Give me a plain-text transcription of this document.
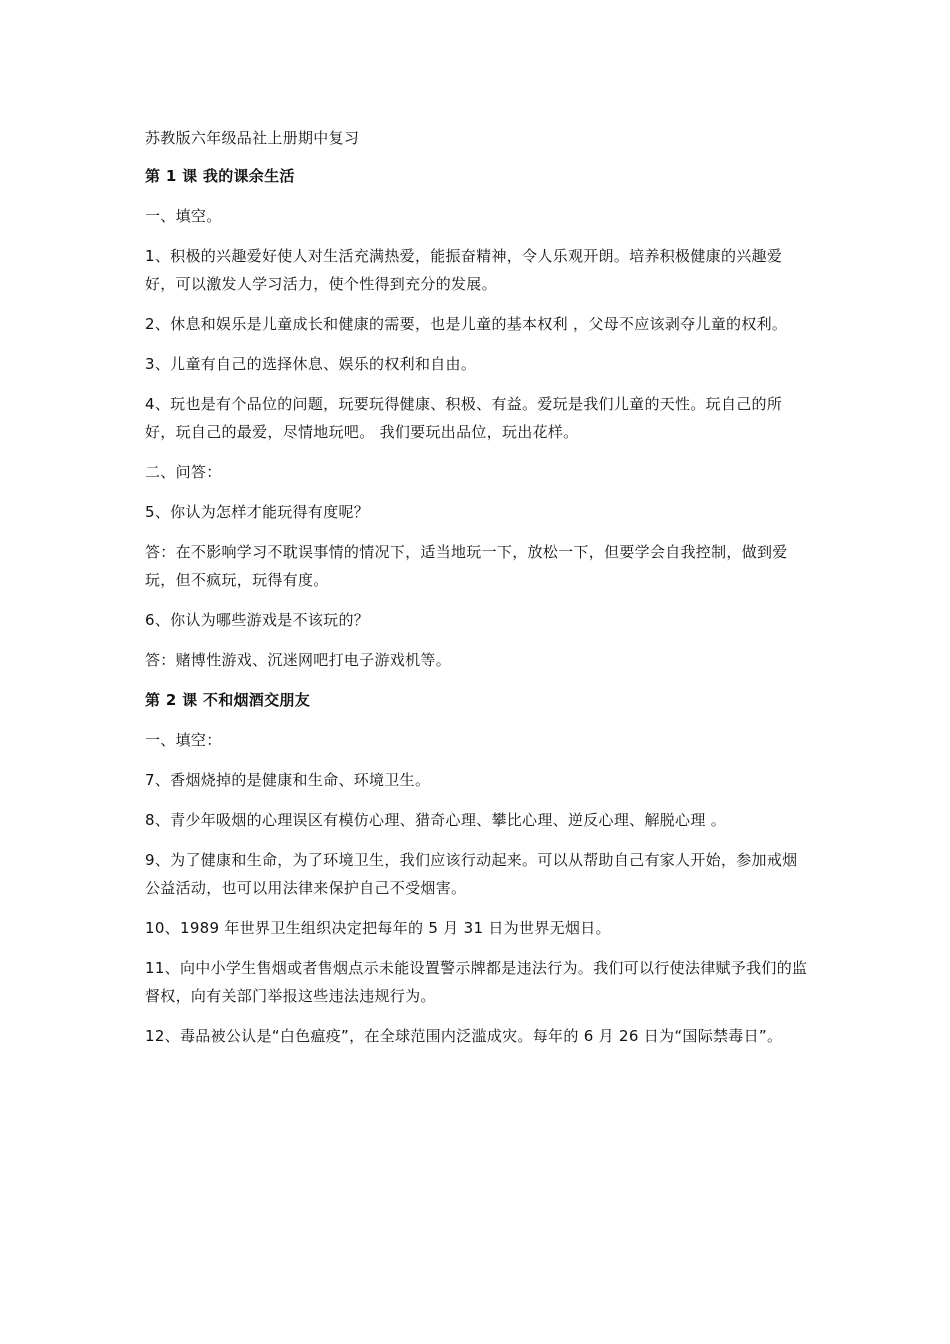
苏教版六年级品社上册期中复习

第 1 课 我的课余生活

一、填空。

1、积极的兴趣爱好使人对生活充满热爱，能振奋精神，令人乐观开朗。培养积极健康的兴趣爱好，可以激发人学习活力，使个性得到充分的发展。

2、休息和娱乐是儿童成长和健康的需要，也是儿童的基本权利 ，父母不应该剥夺儿童的权利。

3、儿童有自己的选择休息、娱乐的权利和自由。

4、玩也是有个品位的问题，玩要玩得健康、积极、有益。爱玩是我们儿童的天性。玩自己的所好，玩自己的最爱，尽情地玩吧。 我们要玩出品位，玩出花样。

二、问答：

5、你认为怎样才能玩得有度呢？

答：在不影响学习不耽误事情的情况下，适当地玩一下，放松一下，但要学会自我控制，做到爱玩，但不疯玩，玩得有度。

6、你认为哪些游戏是不该玩的？

答：赌博性游戏、沉迷网吧打电子游戏机等。

第 2 课 不和烟酒交朋友

一、填空：

7、香烟烧掉的是健康和生命、环境卫生。

8、青少年吸烟的心理误区有模仿心理、猎奇心理、攀比心理、逆反心理、解脱心理 。

9、为了健康和生命，为了环境卫生，我们应该行动起来。可以从帮助自己有家人开始，参加戒烟公益活动，也可以用法律来保护自己不受烟害。

10、1989 年世界卫生组织决定把每年的 5 月 31 日为世界无烟日。

11、向中小学生售烟或者售烟点示未能设置警示牌都是违法行为。我们可以行使法律赋予我们的监督权，向有关部门举报这些违法违规行为。

12、毒品被公认是“白色瘟疫”，在全球范围内泛滥成灾。每年的 6 月 26 日为“国际禁毒日”。
